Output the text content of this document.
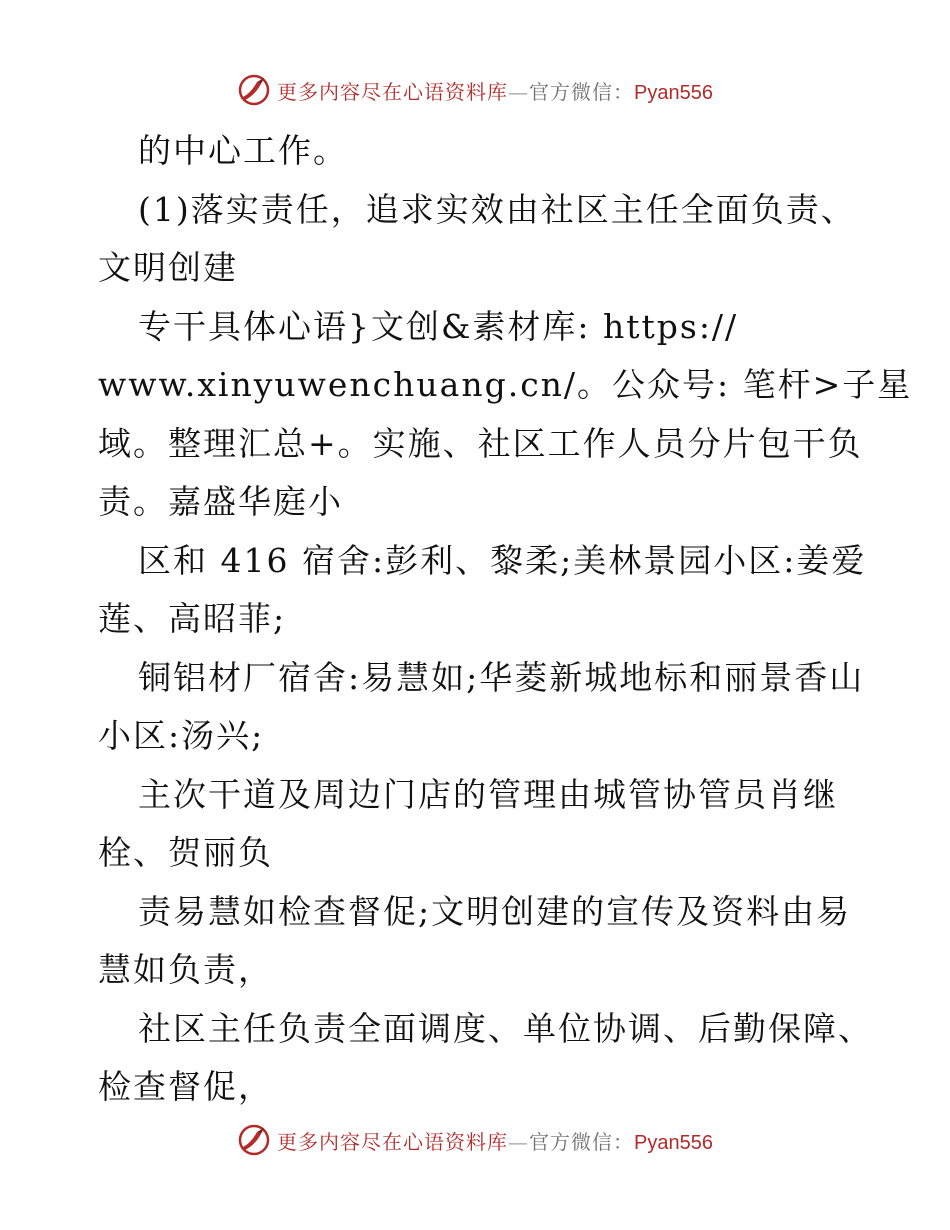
更多内容尽在心语资料库—官方微信：Pyan556
的中心工作。
(1)落实责任，追求实效由社区主任全面负责、
文明创建
专干具体心语}文创&素材库: https://
www.xinyuwenchuang.cn/。公众号: 笔杆>子星
域。整理汇总+。实施、社区工作人员分片包干负
责。嘉盛华庭小
区和 416 宿舍:彭利、黎柔;美林景园小区:姜爱
莲、高昭菲;
铜铝材厂宿舍:易慧如;华菱新城地标和丽景香山
小区:汤兴;
主次干道及周边门店的管理由城管协管员肖继
栓、贺丽负
责易慧如检查督促;文明创建的宣传及资料由易
慧如负责，
社区主任负责全面调度、单位协调、后勤保障、
检查督促，
更多内容尽在心语资料库—官方微信：Pyan556
